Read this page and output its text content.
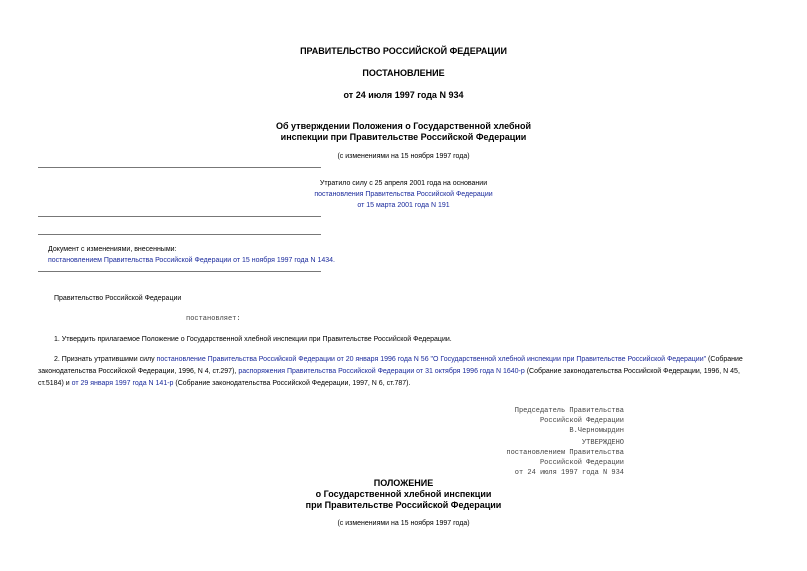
ПРАВИТЕЛЬСТВО РОССИЙСКОЙ ФЕДЕРАЦИИ
ПОСТАНОВЛЕНИЕ
от 24 июля 1997 года N 934
Об утверждении Положения о Государственной хлебной
инспекции при Правительстве Российской Федерации
(с изменениями на 15 ноября 1997 года)
Утратило силу с 25 апреля 2001 года на основании
постановления Правительства Российской Федерации
от 15 марта 2001 года N 191
Документ с изменениями, внесенными:
постановлением Правительства Российской Федерации от 15 ноября 1997 года N 1434.
Правительство Российской Федерации
постановляет:
1. Утвердить прилагаемое Положение о Государственной хлебной инспекции при Правительстве Российской Федерации.
2. Признать утратившими силу постановление Правительства Российской Федерации от 20 января 1996 года N 56 "О Государственной хлебной инспекции при Правительстве Российской Федерации" (Собрание
законодательства Российской Федерации, 1996, N 4, ст.297), распоряжения Правительства Российской Федерации от 31 октября 1996 года N 1640-р (Собрание законодательства Российской Федерации, 1996, N 45,
ст.5184) и от 29 января 1997 года N 141-р (Собрание законодательства Российской Федерации, 1997, N 6, ст.787).
Председатель Правительства
Российской Федерации
В.Черномырдин
УТВЕРЖДЕНО
постановлением Правительства
Российской Федерации
от 24 июля 1997 года N 934
ПОЛОЖЕНИЕ
о Государственной хлебной инспекции
при Правительстве Российской Федерации
(с изменениями на 15 ноября 1997 года)
